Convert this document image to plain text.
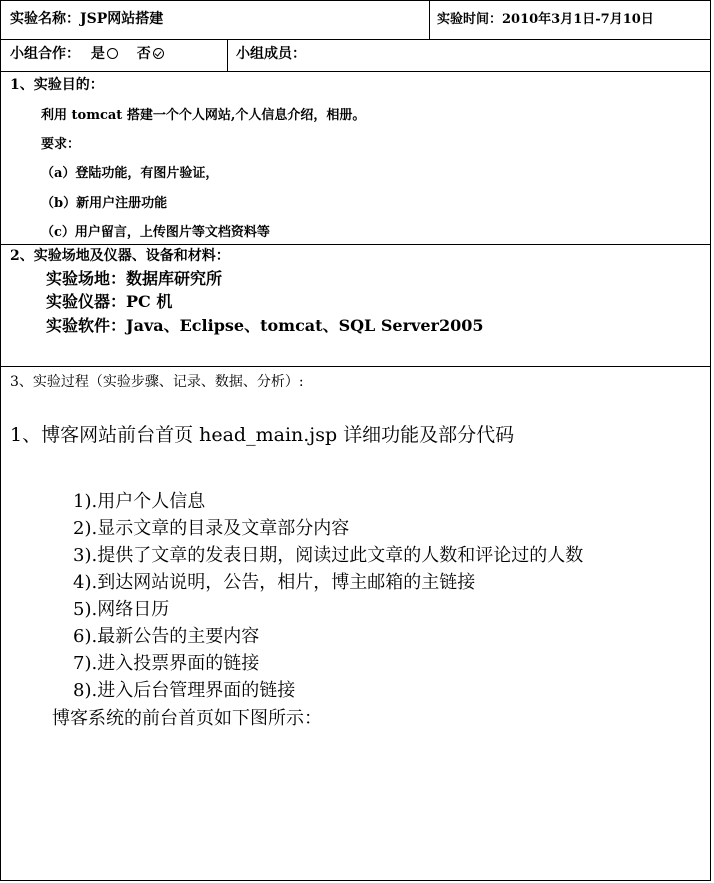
实验名称：JSP网站搭建	实验时间：2010年3月1日-7月10日
小组合作： 是 否	小组成员：
1、实验目的：
利用 tomcat 搭建一个个人网站,个人信息介绍，相册。
要求：
（a）登陆功能，有图片验证，
（b）新用户注册功能
（c）用户留言，上传图片等文档资料等
2、实验场地及仪器、设备和材料：
实验场地：数据库研究所
实验仪器：PC 机
实验软件：Java、Eclipse、tomcat、SQL Server2005
3、实验过程（实验步骤、记录、数据、分析）:
1、博客网站前台首页 head_main.jsp 详细功能及部分代码
1).用户个人信息
2).显示文章的目录及文章部分内容
3).提供了文章的发表日期，阅读过此文章的人数和评论过的人数
4).到达网站说明，公告，相片，博主邮箱的主链接
5).网络日历
6).最新公告的主要内容
7).进入投票界面的链接
8).进入后台管理界面的链接
博客系统的前台首页如下图所示：
